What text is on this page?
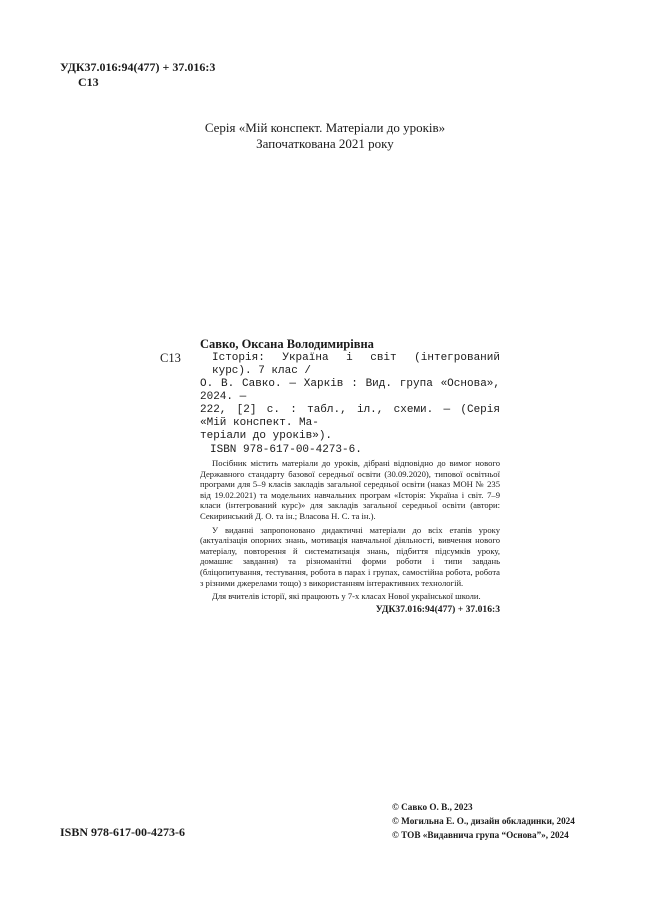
УДК37.016:94(477) + 37.016:3
С13
Серія «Мій конспект. Матеріали до уроків»
Започаткована 2021 року
Савко, Оксана Володимирівна
С13	Історія: Україна і світ (інтегрований курс). 7 клас /
О. В. Савко. — Харків : Вид. група «Основа», 2024. —
222, [2] с. : табл., іл., схеми. — (Серія «Мій конспект. Ма-
теріали до уроків»).
ISBN 978-617-00-4273-6.

Посібник містить матеріали до уроків, дібрані відповідно до вимог нового Державного стандарту базової середньої освіти (30.09.2020), типової освітньої програми для 5–9 класів закладів загальної середньої освіти (наказ МОН № 235 від 19.02.2021) та модельних навчальних програм «Історія: Україна і світ. 7–9 класи (інтегрований курс)» для закладів загальної середньої освіти (автори: Секиринський Д. О. та ін.; Власова Н. С. та ін.).

У виданні запропоновано дидактичні матеріали до всіх етапів уроку (актуалізація опорних знань, мотивація навчальної діяльності, вивчення нового матеріалу, повторення й систематизація знань, підбиття підсумків уроку, домашнє завдання) та різноманітні форми роботи і типи завдань (бліцопитування, тестування, робота в парах і групах, самостійна робота, робота з різними джерелами тощо) з використанням інтерактивних технологій.

Для вчителів історії, які працюють у 7-х класах Нової української школи.

УДК37.016:94(477) + 37.016:3
ISBN 978-617-00-4273-6
© Савко О. В., 2023
© Могильна Е. О., дизайн обкладинки, 2024
© ТОВ «Видавнича група “Основа”», 2024
